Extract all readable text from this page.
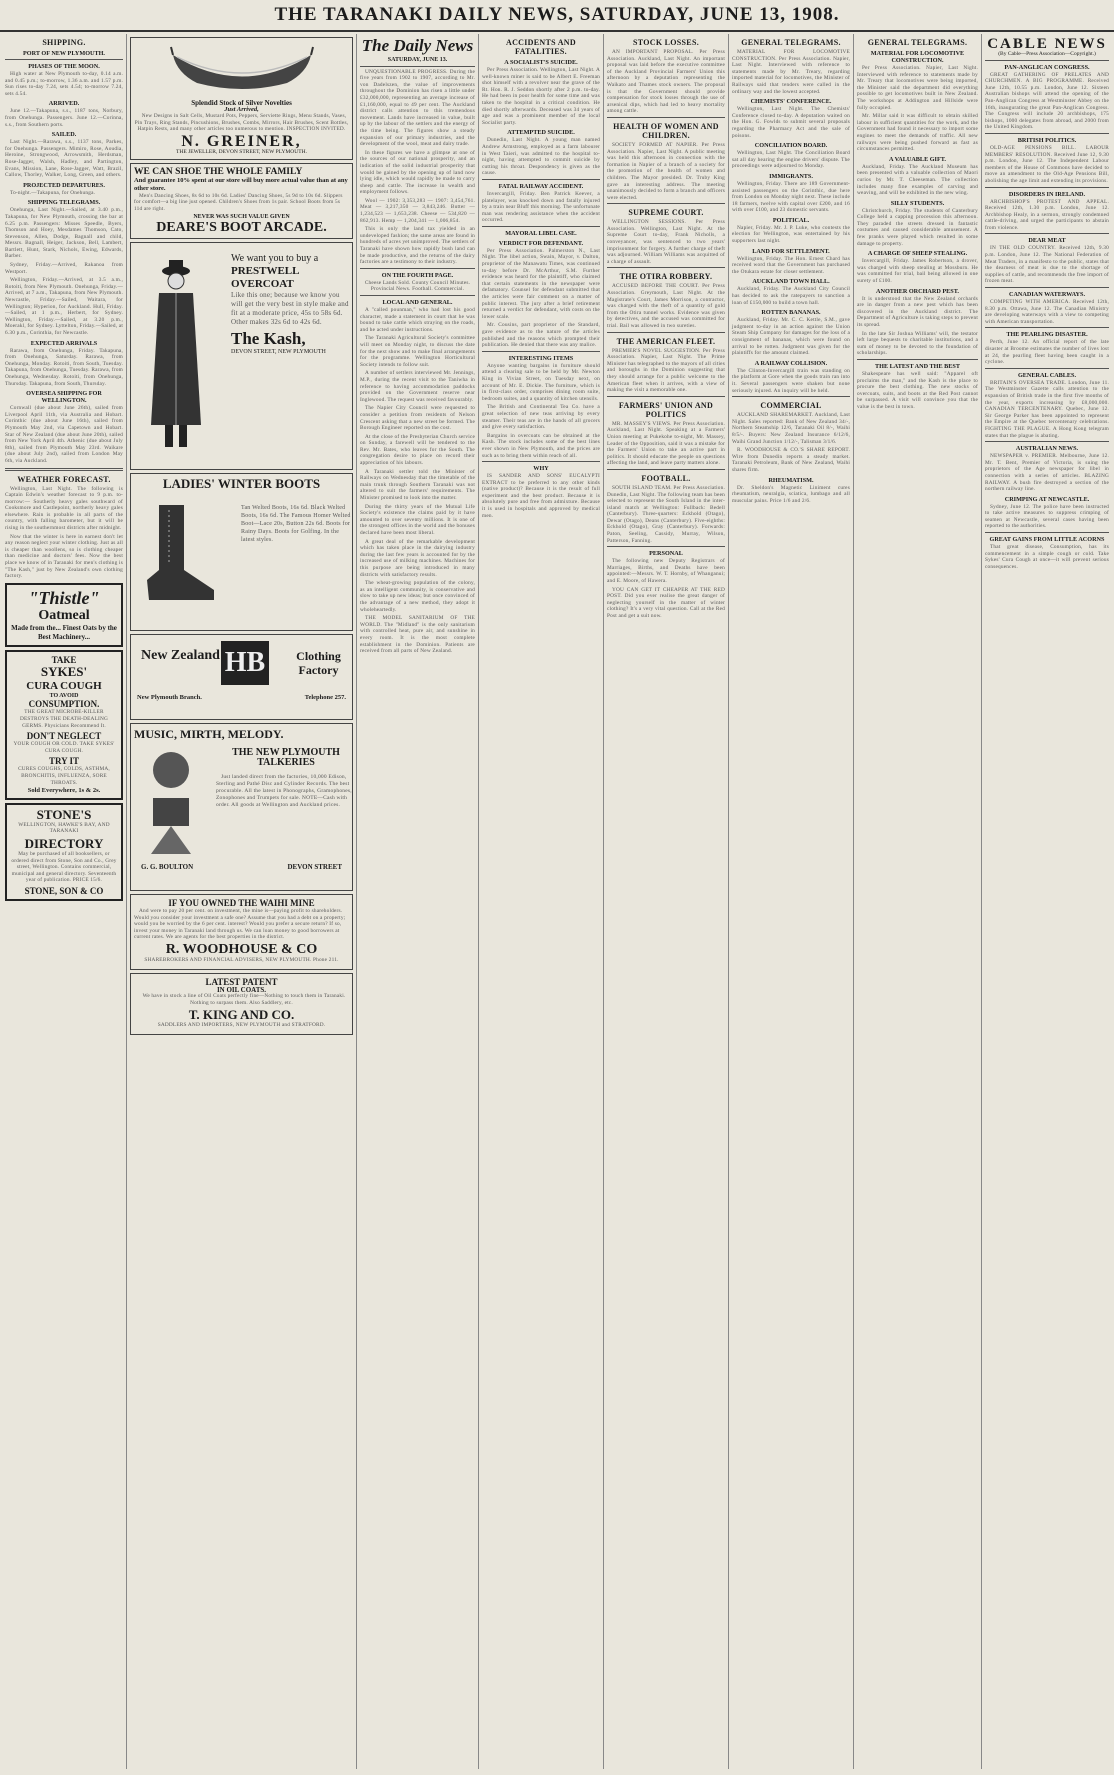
THE TARANAKI DAILY NEWS, SATURDAY, JUNE 13, 1908.
SHIPPING.
PORT OF NEW PLYMOUTH.
PHASES OF THE MOON.

High water at New Plymouth to-day, 0.14 a.m. and 0.45 p.m.; to-morrow, 1.36 a.m. and 1.57 p.m. Sun rises to-day 7.24, sets 4.54; to-morrow 7.24, sets 4.54.

ARRIVED.

June 12.—Takapuna, s.s., 1187 tons, Norbury, from Onehunga. Passengers. June 12.—Corinna, s.s., from Southern ports.

SAILED.

Last Night.—Rarawa, s.s., 1137 tons, Parkes, for Onehunga. Passengers. Mimiro, Rose, Aoudia, Heroine, Strongwood, Arrowsmith, Herdsman, Rose-Jagger, Walsh, Hadley, and Partington, Evans, Mission, Lane, Rose-Jagger, Watt, Brazil, Callow, Thorley, Walker, Long, Green, and others.

PROJECTED DEPARTURES.

To-night.—Takapuna, for Onehunga.

SHIPPING TELEGRAMS.

Onehunga, Last Night.—Sailed, at 3.40 p.m., Takapuna, for New Plymouth, crossing the bar at 6.25 p.m. Passengers: Misses Speedle, Byers, Thomson and Hoey, Mesdames Thomson, Cato, Stevenson, Allen, Dodge, Bagnall and child, Messrs. Bagnall, Heiger, Jackson, Bell, Lambert, Bartlett, Hunt, Stark, Nichols, Ewing, Edwards, Barber.

Sydney, Friday.—Arrived, Rakanoa from Westport.

Wellington, Friday.—Arrived, at 3.5 a.m., Rotoiti, from New Plymouth. Onehunga, Friday.—Arrived, at 7 a.m., Takapuna, from New Plymouth. Newcastle, Friday.—Sailed, Waitara, for Wellington; Hyperion, for Auckland. Hull, Friday.—Sailed, at 1 p.m., Herbert, for Sydney. Wellington, Friday.—Sailed, at 3.20 p.m., Moerakl, for Sydney. Lyttelton, Friday.—Sailed, at 6.30 p.m., Corinthia, for Newcastle.

EXPECTED ARRIVALS

Rarawa, from Onehunga, Friday. Takapuna, from Onehunga, Saturday. Rarawa, from Onehunga, Monday. Rotoiti, from South, Tuesday. Takapuna, from Onehunga, Tuesday. Rarawa, from Onehunga, Wednesday. Rotoiti, from Onehunga, Thursday. Takapuna, from South, Thursday.

OVERSEA SHIPPING FOR WELLINGTON.

Cornwall (due about June 26th), sailed from Liverpool April 11th, via Australia and Hobart. Corinthic (due about June 16th), sailed from Plymouth May 2nd, via Capetown and Hobart. Star of New Zealand (due about June 20th), sailed from New York April 4th. Athenic (due about July 8th), sailed from Plymouth May 23rd. Waikare (due about July 2nd), sailed from London May 6th, via Auckland.

WEATHER FORECAST.

Wellington, Last Night. The following is Captain Edwin's weather forecast to 9 p.m. to-morrow:— Southerly heavy gales southward of Cooksmore and Castlepoint, northerly heavy gales elsewhere. Rain is probable in all parts of the country, with falling barometer, but it will be rising in the southernmost districts after midnight.

Now that the winter is here in earnest don't let any reason neglect your winter clothing. Just as all is cheaper than woollens, so is clothing cheaper than medicine and doctors' fees. Now the best place we know of in Taranaki for men's clothing is "The Kash," just by New Zealand's own clothing factory.

"Thistle"
Oatmeal
Made from the... Finest Oats by the Best Machinery...
TAKE
SYKES'
CURA COUGH
TO AVOID
CONSUMPTION.

THE GREAT MICROBE-KILLER DESTROYS THE DEATH-DEALING GERMS. Physicians Recommend It.

DON'T NEGLECT

YOUR COUGH OR COLD. TAKE SYKES' CURA COUGH.

TRY IT

CURES COUGHS, COLDS, ASTHMA, BRONCHITIS, INFLUENZA, SORE THROATS.

Sold Everywhere, 1s & 2s.
STONE'S

WELLINGTON, HAWKE'S BAY, AND TARANAKI

DIRECTORY

May be purchased of all booksellers, or ordered direct from Stone, Son and Co., Grey street, Wellington. Contains commercial, municipal and general directory. Seventeenth year of publication. PRICE 15/6.

STONE, SON & CO
Splendid Stock of Silver Novelties
Just Arrived,

New Designs in Salt Cells, Mustard Pots, Peppers, Serviette Rings, Menu Stands, Vases, Pin Trays, Ring Stands, Pincushions, Brushes, Combs, Mirrors, Hair Brushes, Scent Bottles, Hatpin Rests, and many other articles too numerous to mention. INSPECTION INVITED.

N. GREINER,
THE JEWELLER, DEVON STREET, NEW PLYMOUTH.
WE CAN SHOE THE WHOLE FAMILY
And guarantee 10% spent at our store will buy more actual value than at any other store.

Men's Dancing Shoes, 8s 6d to 10s 6d. Ladies' Dancing Shoes, 5s 9d to 10s 6d. Slippers for comfort—a big line just opened. Children's Shoes from 1s pair. School Boots from 5s 11d are right.

NEVER WAS SUCH VALUE GIVEN
DEARE'S BOOT ARCADE.
We want you to buy a
PRESTWELL OVERCOAT

Like this one; because we know you will get the very best in style make and fit at a moderate price, 45s to 58s 6d. Other makes 32s 6d to 42s 6d.

The Kash,
DEVON STREET, NEW PLYMOUTH
LADIES' WINTER BOOTS

Tan Welted Boots, 16s 6d. Black Welted Boots, 16s 6d. The Famous Homer Welted Boot—Lace 20s, Button 22s 6d. Boots for Rainy Days. Boots for Golfing. In the latest styles.

New Zealand HB	Clothing Factory
New Plymouth Branch.	Telephone 257.
MUSIC, MIRTH, MELODY.
THE NEW PLYMOUTH TALKERIES

Just landed direct from the factories, 10,000 Edison, Sterling and Pathé Disc and Cylinder Records. The best procurable. All the latest in Phonographs, Gramophones, Zonophones and Trumpets for sale. NOTE—Cash with order. All goods at Wellington and Auckland prices.

G. G. BOULTON	DEVON STREET
IF YOU OWNED THE WAIHI MINE

And were to pay 20 per cent. on investment, the mine is—paying profit to shareholders. Would you consider your investment a safe one? Assume that you had a debt on a property; would you be worried by the 6 per cent. interest? Would you prefer a secure return? If so, invest your money in Taranaki land through us. We can loan money to good borrowers at current rates. We are agents for the best properties in the district.

R. WOODHOUSE & CO

SHAREBROKERS AND FINANCIAL ADVISERS, NEW PLYMOUTH. Phone 211.

LATEST PATENT
IN OIL COATS.

We have in stock a line of Oil Coats perfectly fine—Nothing to touch them in Taranaki. Nothing to surpass them. Also Saddlery, etc.

T. KING AND CO.

SADDLERS AND IMPORTERS, NEW PLYMOUTH and STRATFORD.

The Daily News
SATURDAY, JUNE 13.

UNQUESTIONABLE PROGRESS. During the five years from 1902 to 1907, according to Mr. von Dadelszen, the value of improvements throughout the Dominion has risen a little under £32,000,000, representing an average increase of £1,160,000, equal to 49 per cent. The Auckland district calls attention to this tremendous movement. Lands have increased in value, built up by the labour of the settlers and the energy of the time being. The figures show a steady expansion of our primary industries, and the development of the wool, meat and dairy trade.

In these figures we have a glimpse at one of the sources of our national prosperity, and an indication of the solid industrial prosperity that would be gained by the opening up of land now lying idle, which would rapidly be made to carry sheep and cattle. The increase in wealth and employment follows.

Wool — 1902: 3,353,283 — 1907: 3,454,761. Meat — 3,217,350 — 3,843,246. Butter — 1,234,523 — 1,653,238. Cheese — 534,820 — 862,913. Hemp — 1,204,341 — 1,006,854.

This is only the land tax yielded in an undeveloped fashion; the same areas are found in hundreds of acres yet unimproved. The settlers of Taranaki have shown how rapidly bush land can be made productive, and the returns of the dairy factories are a testimony to their industry.

ON THE FOURTH PAGE.

Cheese Lands Sold. County Council Minutes. Provincial News. Football. Commercial.

LOCAL AND GENERAL.

A "called pounman," who had lost his good character, made a statement in court that he was bound to take cattle which straying on the roads, and he acted under instructions.

The Taranaki Agricultural Society's committee will meet on Monday night, to discuss the date for the next show and to make final arrangements for the programme. Wellington Horticultural Society intends to follow suit.

A number of settlers interviewed Mr. Jennings, M.P., during the recent visit to the Taniwha in reference to having accommodation paddocks provided on the Government reserve near Inglewood. The request was received favourably.

The Napier City Council were requested to consider a petition from residents of Nelson Crescent asking that a new street be formed. The Borough Engineer reported on the cost.

At the close of the Presbyterian Church service on Sunday, a farewell will be tendered to the Rev. Mr. Bates, who leaves for the South. The congregation desire to place on record their appreciation of his labours.

A Taranaki settler told the Minister of Railways on Wednesday that the timetable of the main trunk through Southern Taranaki was not altered to suit the farmers' requirements. The Minister promised to look into the matter.

During the thirty years of the Mutual Life Society's existence the claims paid by it have amounted to over seventy millions. It is one of the strongest offices in the world and the bonuses declared have been most liberal.

A great deal of the remarkable development which has taken place in the dairying industry during the last few years is accounted for by the increased use of milking machines. Machines for this purpose are being introduced in many districts with satisfactory results.

The wheat-growing population of the colony, as an intelligent community, is conservative and slow to take up new ideas; but once convinced of the advantage of a new method, they adopt it wholeheartedly.

THE MODEL SANITARIUM OF THE WORLD. The "Midland" is the only sanitarium with controlled heat, pure air, and sunshine in every room. It is the most complete establishment in the Dominion. Patients are received from all parts of New Zealand.

ACCIDENTS AND FATALITIES.
A SOCIALIST'S SUICIDE.

Per Press Association. Wellington, Last Night. A well-known miner is said to be Albert E. Freeman shot himself with a revolver near the grave of the Rt. Hon. R. J. Seddon shortly after 2 p.m. to-day. He had been in poor health for some time and was taken to the hospital in a critical condition. He died shortly afterwards. Deceased was 34 years of age and was a prominent member of the local Socialist party.

ATTEMPTED SUICIDE.

Dunedin, Last Night. A young man named Andrew Armstrong, employed as a farm labourer in West Taieri, was admitted to the hospital to-night, having attempted to commit suicide by cutting his throat. Despondency is given as the cause.

FATAL RAILWAY ACCIDENT.

Invercargill, Friday. Ben Patrick Keever, a platelayer, was knocked down and fatally injured by a train near Bluff this morning. The unfortunate man was rendering assistance when the accident occurred.

MAYORAL LIBEL CASE.
VERDICT FOR DEFENDANT.

Per Press Association. Palmerston N., Last Night. The libel action, Swain, Mayor, v. Dalton, proprietor of the Manawatu Times, was continued to-day before Dr. McArthur, S.M. Further evidence was heard for the plaintiff, who claimed that certain statements in the newspaper were defamatory. Counsel for defendant submitted that the articles were fair comment on a matter of public interest. The jury after a brief retirement returned a verdict for defendant, with costs on the lower scale.

Mr. Cousins, part proprietor of the Standard, gave evidence as to the nature of the articles published and the reasons which prompted their publication. He denied that there was any malice.

INTERESTING ITEMS

Anyone wanting bargains in furniture should attend a clearing sale to be held by Mr. Newton King in Vivian Street, on Tuesday next, on account of Mr. E. Dickie. The furniture, which is in first-class order, comprises dining room suite, bedroom suites, and a quantity of kitchen utensils.

The British and Continental Tea Co. have a great selection of new teas arriving by every steamer. Their teas are in the hands of all grocers and give every satisfaction.

Bargains in overcoats can be obtained at the Kash. The stock includes some of the best lines ever shown in New Plymouth, and the prices are such as to bring them within reach of all.

WHY

IS SANDER AND SONS' EUCALYPTI EXTRACT to be preferred to any other kinds (native product)? Because it is the result of full experiment and the best product. Because it is absolutely pure and free from admixture. Because it is used in hospitals and approved by medical men.

STOCK LOSSES.

AN IMPORTANT PROPOSAL. Per Press Association. Auckland, Last Night. An important proposal was laid before the executive committee of the Auckland Provincial Farmers' Union this afternoon by a deputation representing the Waikato and Thames stock owners. The proposal is that the Government should provide compensation for stock losses through the use of arsenical dips, which had led to heavy mortality among cattle.

HEALTH OF WOMEN AND CHILDREN.

SOCIETY FORMED AT NAPIER. Per Press Association. Napier, Last Night. A public meeting was held this afternoon in connection with the formation in Napier of a branch of a society for the promotion of the health of women and children. The Mayor presided. Dr. Truby King gave an interesting address. The meeting unanimously decided to form a branch and officers were elected.

SUPREME COURT.

WELLINGTON SESSIONS. Per Press Association. Wellington, Last Night. At the Supreme Court to-day, Frank Nicholls, a conveyancer, was sentenced to two years' imprisonment for forgery. A further charge of theft was adjourned. William Williams was acquitted of a charge of assault.

THE OTIRA ROBBERY.

ACCUSED BEFORE THE COURT. Per Press Association. Greymouth, Last Night. At the Magistrate's Court, James Morrison, a contractor, was charged with the theft of a quantity of gold from the Otira tunnel works. Evidence was given by detectives, and the accused was committed for trial. Bail was allowed in two sureties.

THE AMERICAN FLEET.

PREMIER'S NOVEL SUGGESTION. Per Press Association. Napier, Last Night. The Prime Minister has telegraphed to the mayors of all cities and boroughs in the Dominion suggesting that they should arrange for a public welcome to the American fleet when it arrives, with a view of making the visit a memorable one.

FARMERS' UNION AND POLITICS

MR. MASSEY'S VIEWS. Per Press Association. Auckland, Last Night. Speaking at a Farmers' Union meeting at Pukekohe to-night, Mr. Massey, Leader of the Opposition, said it was a mistake for the Farmers' Union to take an active part in politics. It should educate the people on questions affecting the land, and leave party matters alone.

FOOTBALL.

SOUTH ISLAND TEAM. Per Press Association. Dunedin, Last Night. The following team has been selected to represent the South Island in the inter-island match at Wellington: Fullback: Bedell (Canterbury). Three-quarters: Eckhold (Otago), Dewar (Otago), Deans (Canterbury). Five-eighths: Eckhold (Otago), Gray (Canterbury). Forwards: Paton, Seeling, Cassidy, Murray, Wilson, Patterson, Fanning.

PERSONAL

The following new Deputy Registrars of Marriages, Births, and Deaths have been appointed:—Messrs. W. T. Hornby, of Whanganui; and E. Moore, of Hawera.

YOU CAN GET IT CHEAPER AT THE RED POST. Did you ever realise the great danger of neglecting yourself in the matter of winter clothing? It's a very vital question. Call at the Red Post and get a suit now.

GENERAL TELEGRAMS.

MATERIAL FOR LOCOMOTIVE CONSTRUCTION. Per Press Association. Napier, Last Night. Interviewed with reference to statements made by Mr. Treary, regarding imported material for locomotives, the Minister of Railways said that tenders were called in the ordinary way and the lowest accepted.

CHEMISTS' CONFERENCE.

Wellington, Last Night. The Chemists' Conference closed to-day. A deputation waited on the Hon. G. Fowlds to submit several proposals regarding the Pharmacy Act and the sale of poisons.

CONCILIATION BOARD.

Wellington, Last Night. The Conciliation Board sat all day hearing the engine drivers' dispute. The proceedings were adjourned to Monday.

IMMIGRANTS.

Wellington, Friday. There are 189 Government-assisted passengers on the Corinthic, due here from London on Monday night next. These include 18 farmers, twelve with capital over £200, and 16 with over £100, and 23 domestic servants.

POLITICAL.

Napier, Friday. Mr. J. P. Luke, who contests the election for Wellington, was entertained by his supporters last night.

LAND FOR SETTLEMENT.

Wellington, Friday. The Hon. Ernest Chard has received word that the Government has purchased the Otukara estate for closer settlement.

AUCKLAND TOWN HALL.

Auckland, Friday. The Auckland City Council has decided to ask the ratepayers to sanction a loan of £150,000 to build a town hall.

ROTTEN BANANAS.

Auckland, Friday. Mr. C. C. Kettle, S.M., gave judgment to-day in an action against the Union Steam Ship Company for damages for the loss of a consignment of bananas, which were found on arrival to be rotten. Judgment was given for the plaintiffs for the amount claimed.

A RAILWAY COLLISION.

The Clinton-Invercargill train was standing on the platform at Gore when the goods train ran into it. Several passengers were shaken but none seriously injured. An inquiry will be held.

COMMERCIAL

AUCKLAND SHAREMARKET. Auckland, Last Night. Sales reported: Bank of New Zealand 34/-, Northern Steamship 12/6, Taranaki Oil 8/-, Waihi 8/5/-. Buyers: New Zealand Insurance 6/12/6, Waihi Grand Junction 1/12/-, Talisman 3/1/6.

R. WOODHOUSE & CO.'S SHARE REPORT. Wire from Dunedin reports a steady market. Taranaki Petroleum, Bank of New Zealand, Waihi shares firm.

RHEUMATISM.

Dr. Sheldon's Magnetic Liniment cures rheumatism, neuralgia, sciatica, lumbago and all muscular pains. Price 1/6 and 2/6.

GENERAL TELEGRAMS.
MATERIAL FOR LOCOMOTIVE CONSTRUCTION.

Per Press Association. Napier, Last Night. Interviewed with reference to statements made by Mr. Treary that locomotives were being imported, the Minister said the department did everything possible to get locomotives built in New Zealand. The workshops at Addington and Hillside were fully occupied.

Mr. Millar said it was difficult to obtain skilled labour in sufficient quantities for the work, and the Government had found it necessary to import some engines to meet the demands of traffic. All new railways were being pushed forward as fast as circumstances permitted.

A VALUABLE GIFT.

Auckland, Friday. The Auckland Museum has been presented with a valuable collection of Maori curios by Mr. T. Cheeseman. The collection includes many fine examples of carving and weaving, and will be exhibited in the new wing.

SILLY STUDENTS.

Christchurch, Friday. The students of Canterbury College held a capping procession this afternoon. They paraded the streets dressed in fantastic costumes and caused considerable amusement. A few pranks were played which resulted in some damage to property.

A CHARGE OF SHEEP STEALING.

Invercargill, Friday. James Robertson, a drover, was charged with sheep stealing at Mossburn. He was committed for trial, bail being allowed in one surety of £100.

ANOTHER ORCHARD PEST.

It is understood that the New Zealand orchards are in danger from a new pest which has been discovered in the Auckland district. The Department of Agriculture is taking steps to prevent its spread.

In the late Sir Joshua Williams' will, the testator left large bequests to charitable institutions, and a sum of money to be devoted to the foundation of scholarships.

THE LATEST AND THE BEST

Shakespeare has well said: "Apparel oft proclaims the man," and the Kash is the place to procure the best clothing. The new stocks of overcoats, suits, and boots at the Red Post cannot be surpassed. A visit will convince you that the value is the best in town.

CABLE NEWS
(By Cable—Press Association—Copyright.)
PAN-ANGLICAN CONGRESS.

GREAT GATHERING OF PRELATES AND CHURCHMEN. A BIG PROGRAMME. Received June 12th, 10.55 p.m. London, June 12. Sixteen Australian bishops will attend the opening of the Pan-Anglican Congress at Westminster Abbey on the 16th, inaugurating the great Pan-Anglican Congress. The Congress will include 20 archbishops, 175 bishops, 1000 delegates from abroad, and 2000 from the United Kingdom.

BRITISH POLITICS.

OLD-AGE PENSIONS BILL. LABOUR MEMBERS' RESOLUTION. Received June 12, 9.30 p.m. London, June 12. The Independent Labour members of the House of Commons have decided to move an amendment to the Old-Age Pensions Bill, abolishing the age limit and extending its provisions.

DISORDERS IN IRELAND.

ARCHBISHOP'S PROTEST AND APPEAL. Received 12th, 1.30 p.m. London, June 12. Archbishop Healy, in a sermon, strongly condemned cattle-driving, and urged the participants to abstain from violence.

DEAR MEAT

IN THE OLD COUNTRY. Received 12th, 9.30 p.m. London, June 12. The National Federation of Meat Traders, in a manifesto to the public, states that the dearness of meat is due to the shortage of supplies of cattle, and recommends the free import of frozen meat.

CANADIAN WATERWAYS.

COMPETING WITH AMERICA. Received 12th, 8.30 p.m. Ottawa, June 12. The Canadian Ministry are developing waterways with a view to competing with American transportation.

THE PEARLING DISASTER.

Perth, June 12. An official report of the late disaster at Broome estimates the number of lives lost at 24, the pearling fleet having been caught in a cyclone.

GENERAL CABLES.

BRITAIN'S OVERSEA TRADE. London, June 11. The Westminster Gazette calls attention to the expansion of British trade in the first five months of the year, exports increasing by £8,000,000. CANADIAN TERCENTENARY. Quebec, June 12. Sir George Parker has been appointed to represent the Empire at the Quebec tercentenary celebrations. FIGHTING THE PLAGUE. A Hong Kong telegram states that the plague is abating.

AUSTRALIAN NEWS.

NEWSPAPER v. PREMIER. Melbourne, June 12. Mr. T. Bent, Premier of Victoria, is suing the proprietors of the Age newspaper for libel in connection with a series of articles. BLAZING RAILWAY. A bush fire destroyed a section of the northern railway line.

CRIMPING AT NEWCASTLE.

Sydney, June 12. The police have been instructed to take active measures to suppress crimping of seamen at Newcastle, several cases having been reported to the authorities.

GREAT GAINS FROM LITTLE ACORNS

That great disease, Consumption, has its commencement in a simple cough or cold. Take Sykes' Cura Cough at once—it will prevent serious consequences.
